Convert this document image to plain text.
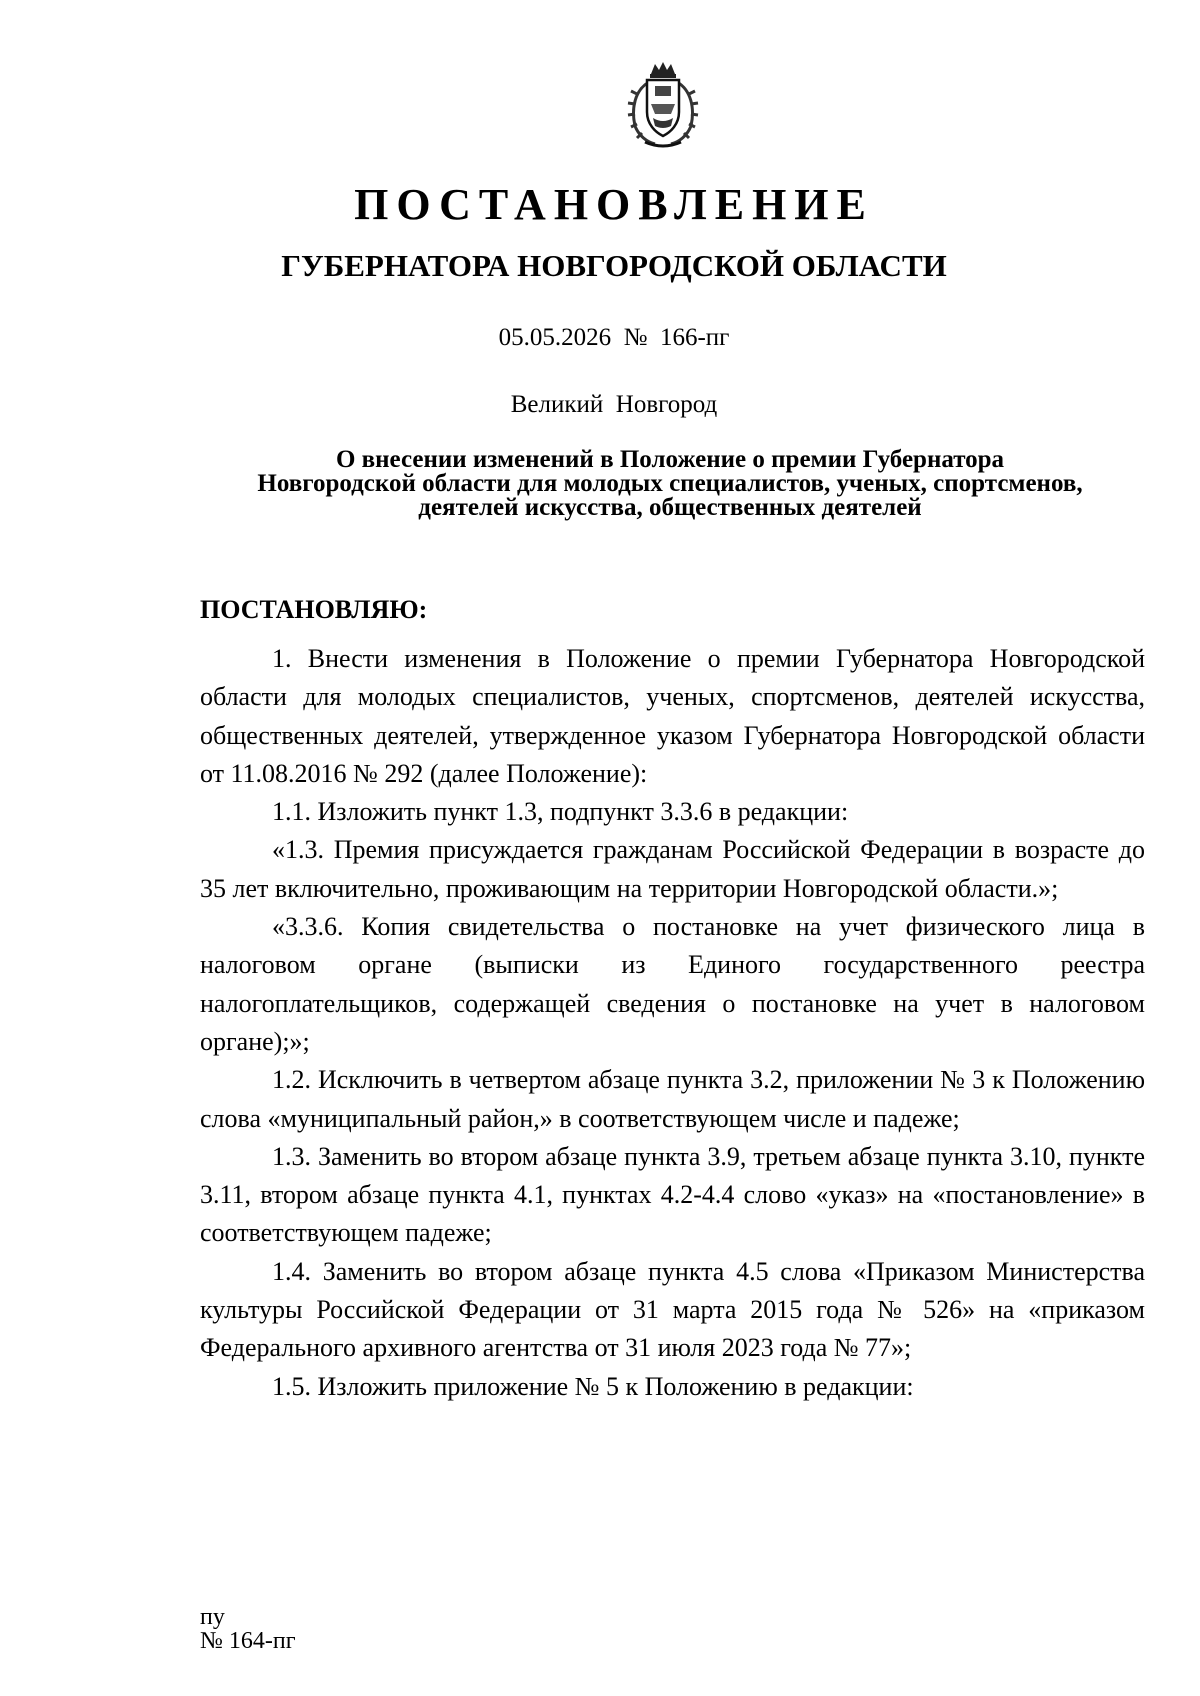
ПОСТАНОВЛЕНИЕ
ГУБЕРНАТОРА НОВГОРОДСКОЙ ОБЛАСТИ
05.05.2026 № 166-пг
Великий  Новгород
О внесении изменений в Положение о премии Губернатора
Новгородской области для молодых специалистов, ученых, спортсменов,
деятелей искусства, общественных деятелей
ПОСТАНОВЛЯЮ:

1. Внести изменения в Положение о премии Губернатора Новгородской области для молодых специалистов, ученых, спортсменов, деятелей искусства, общественных деятелей, утвержденное указом Губернатора Новгородской области от 11.08.2016 № 292 (далее Положение):

1.1. Изложить пункт 1.3, подпункт 3.3.6 в редакции:

«1.3. Премия присуждается гражданам Российской Федерации в возрасте до 35 лет включительно, проживающим на территории Новгородской области.»;

«3.3.6. Копия свидетельства о постановке на учет физического лица в налоговом органе (выписки из Единого государственного реестра налогоплательщиков, содержащей сведения о постановке на учет в налоговом органе);»;

1.2. Исключить в четвертом абзаце пункта 3.2, приложении № 3 к Положению слова «муниципальный район,» в соответствующем числе и падеже;

1.3. Заменить во втором абзаце пункта 3.9, третьем абзаце пункта 3.10, пункте 3.11, втором абзаце пункта 4.1, пунктах 4.2-4.4 слово «указ» на «постановление» в соответствующем падеже;

1.4. Заменить во втором абзаце пункта 4.5 слова «Приказом Министерства культуры Российской Федерации от 31 марта 2015 года № 526» на «приказом Федерального архивного агентства от 31 июля 2023 года № 77»;

1.5. Изложить приложение № 5 к Положению в редакции:

пу
№ 164-пг
